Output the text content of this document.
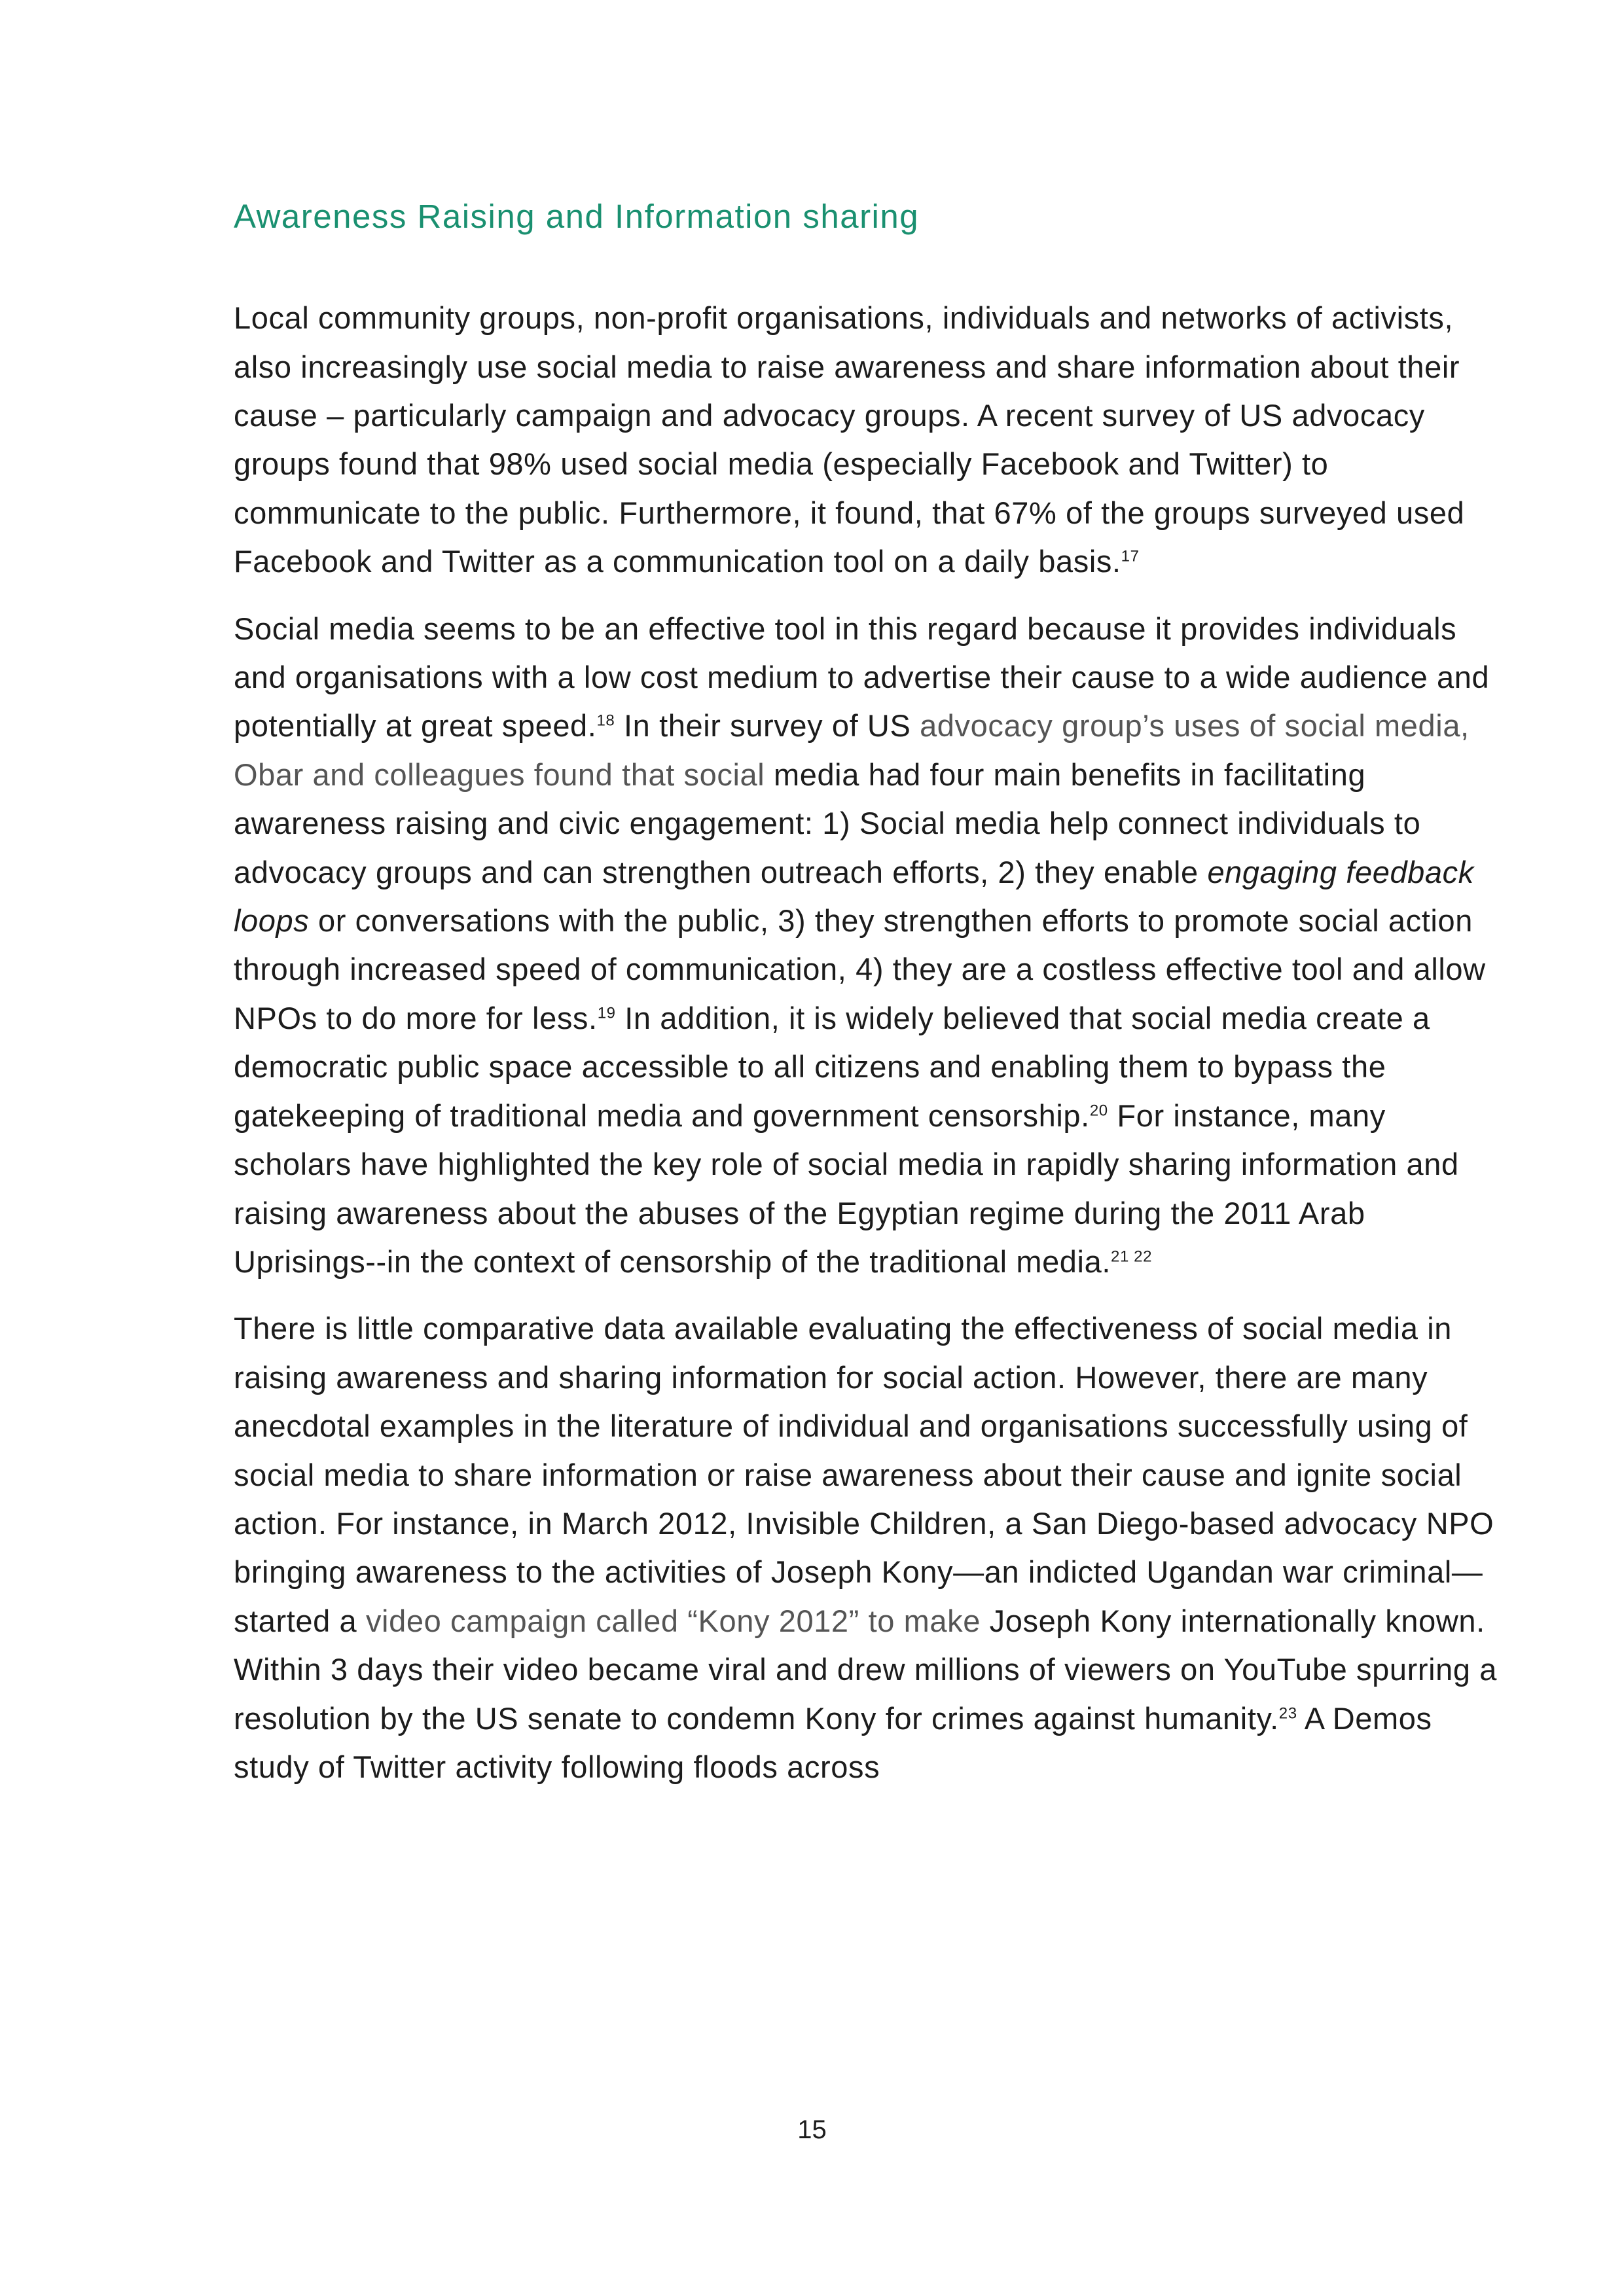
Awareness Raising and Information sharing

Local community groups, non-profit organisations, individuals and networks of activists, also increasingly use social media to raise awareness and share information about their cause – particularly campaign and advocacy groups. A recent survey of US advocacy groups found that 98% used social media (especially Facebook and Twitter) to communicate to the public. Furthermore, it found, that 67% of the groups surveyed used Facebook and Twitter as a communication tool on a daily basis.$^{17}$

Social media seems to be an effective tool in this regard because it provides individuals and organisations with a low cost medium to advertise their cause to a wide audience and potentially at great speed.$^{18}$ In their survey of US advocacy group’s uses of social media, Obar and colleagues found that social media had four main benefits in facilitating awareness raising and civic engagement: 1) Social media help connect individuals to advocacy groups and can strengthen outreach efforts, 2) they enable engaging feedback loops or conversations with the public, 3) they strengthen efforts to promote social action through increased speed of communication, 4) they are a costless effective tool and allow NPOs to do more for less.$^{19}$ In addition, it is widely believed that social media create a democratic public space accessible to all citizens and enabling them to bypass the gatekeeping of traditional media and government censorship.$^{20}$ For instance, many scholars have highlighted the key role of social media in rapidly sharing information and raising awareness about the abuses of the Egyptian regime during the 2011 Arab Uprisings--in the context of censorship of the traditional media.$^{21 22}$

There is little comparative data available evaluating the effectiveness of social media in raising awareness and sharing information for social action. However, there are many anecdotal examples in the literature of individual and organisations successfully using of social media to share information or raise awareness about their cause and ignite social action. For instance, in March 2012, Invisible Children, a San Diego-based advocacy NPO bringing awareness to the activities of Joseph Kony—an indicted Ugandan war criminal—started a video campaign called “Kony 2012” to make Joseph Kony internationally known. Within 3 days their video became viral and drew millions of viewers on YouTube spurring a resolution by the US senate to condemn Kony for crimes against humanity.$^{23}$ A Demos study of Twitter activity following floods across

15
